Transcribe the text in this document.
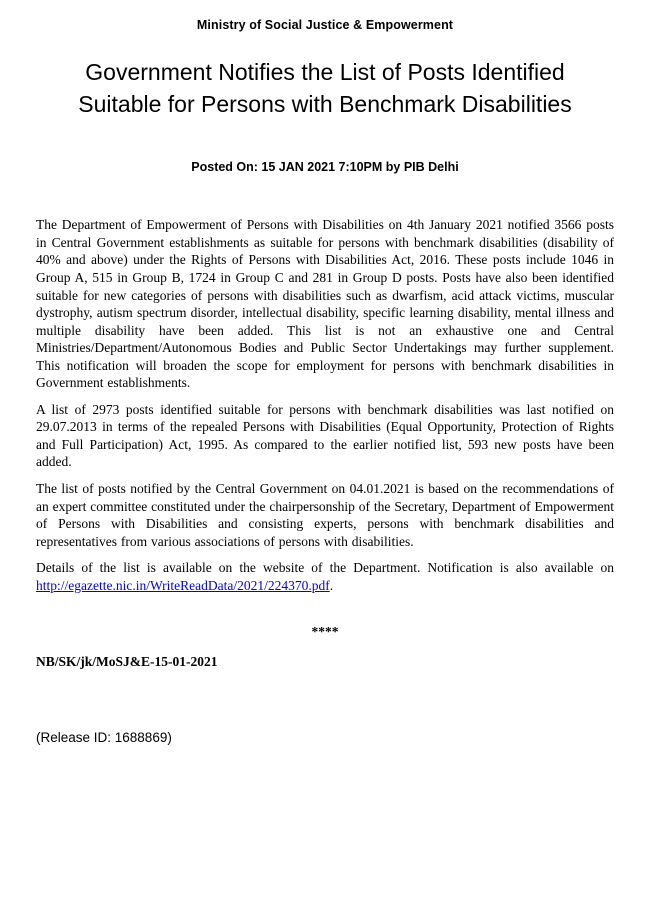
Ministry of Social Justice & Empowerment
Government Notifies the List of Posts Identified Suitable for Persons with Benchmark Disabilities
Posted On: 15 JAN 2021 7:10PM by PIB Delhi

The Department of Empowerment of Persons with Disabilities on 4th January 2021 notified 3566 posts in Central Government establishments as suitable for persons with benchmark disabilities (disability of 40% and above) under the Rights of Persons with Disabilities Act, 2016. These posts include 1046 in Group A, 515 in Group B, 1724 in Group C and 281 in Group D posts. Posts have also been identified suitable for new categories of persons with disabilities such as dwarfism, acid attack victims, muscular dystrophy, autism spectrum disorder, intellectual disability, specific learning disability, mental illness and multiple disability have been added. This list is not an exhaustive one and Central Ministries/Department/Autonomous Bodies and Public Sector Undertakings may further supplement. This notification will broaden the scope for employment for persons with benchmark disabilities in Government establishments.

A list of 2973 posts identified suitable for persons with benchmark disabilities was last notified on 29.07.2013 in terms of the repealed Persons with Disabilities (Equal Opportunity, Protection of Rights and Full Participation) Act, 1995. As compared to the earlier notified list, 593 new posts have been added.

The list of posts notified by the Central Government on 04.01.2021 is based on the recommendations of an expert committee constituted under the chairpersonship of the Secretary, Department of Empowerment of Persons with Disabilities and consisting experts, persons with benchmark disabilities and representatives from various associations of persons with disabilities.

Details of the list is available on the website of the Department. Notification is also available on http://egazette.nic.in/WriteReadData/2021/224370.pdf.

****
NB/SK/jk/MoSJ&E-15-01-2021
(Release ID: 1688869)
